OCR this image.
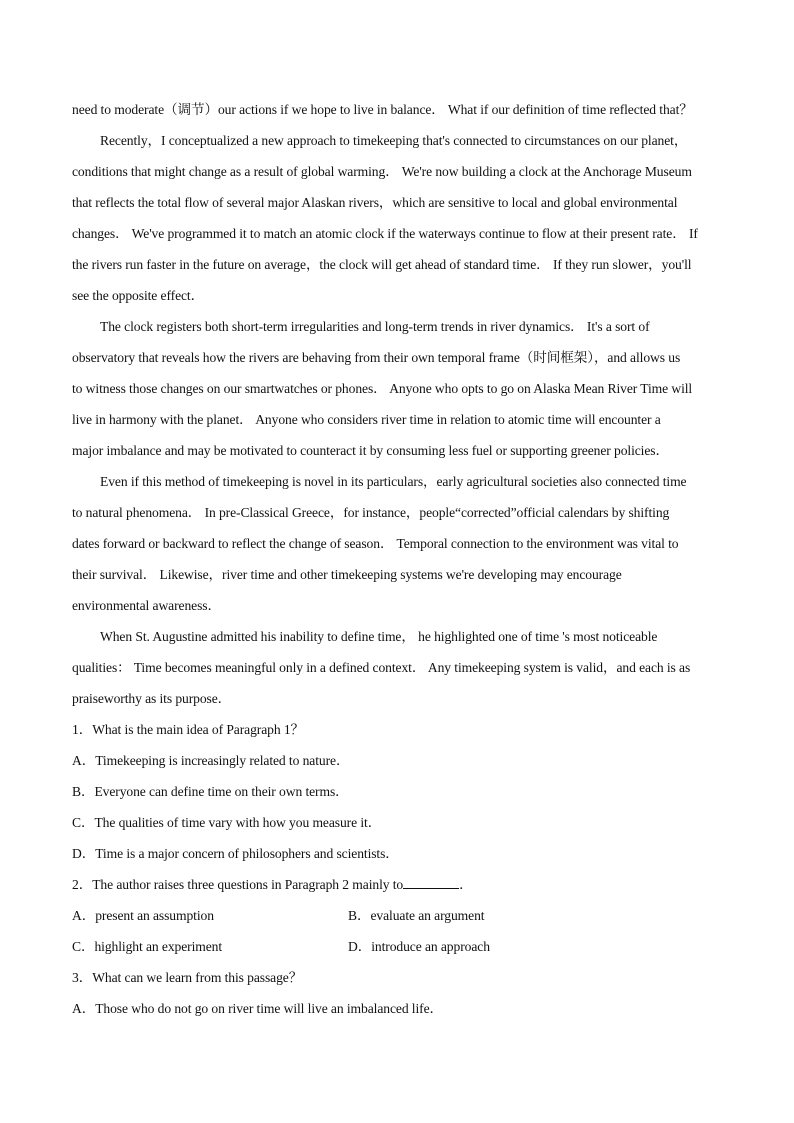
need to moderate（调节）our actions if we hope to live in balance． What if our definition of time reflected that？
Recently，I conceptualized a new approach to timekeeping that's connected to circumstances on our planet，
conditions that might change as a result of global warming． We're now building a clock at the Anchorage Museum
that reflects the total flow of several major Alaskan rivers，which are sensitive to local and global environmental
changes． We've programmed it to match an atomic clock if the waterways continue to flow at their present rate． If
the rivers run faster in the future on average，the clock will get ahead of standard time． If they run slower，you'll
see the opposite effect．
The clock registers both short-term irregularities and long-term trends in river dynamics． It's a sort of
observatory that reveals how the rivers are behaving from their own temporal frame（时间框架），and allows us
to witness those changes on our smartwatches or phones． Anyone who opts to go on Alaska Mean River Time will
live in harmony with the planet． Anyone who considers river time in relation to atomic time will encounter a
major imbalance and may be motivated to counteract it by consuming less fuel or supporting greener policies．
Even if this method of timekeeping is novel in its particulars，early agricultural societies also connected time
to natural phenomena． In pre-Classical Greece，for instance，people“corrected”official calendars by shifting
dates forward or backward to reflect the change of season． Temporal connection to the environment was vital to
their survival． Likewise，river time and other timekeeping systems we're developing may encourage
environmental awareness．
When St. Augustine admitted his inability to define time， he highlighted one of time 's most noticeable
qualities： Time becomes meaningful only in a defined context． Any timekeeping system is valid，and each is as
praiseworthy as its purpose．
1．What is the main idea of Paragraph 1？
A．Timekeeping is increasingly related to nature．
B．Everyone can define time on their own terms．
C．The qualities of time vary with how you measure it．
D．Time is a major concern of philosophers and scientists．
2．The author raises three questions in Paragraph 2 mainly to	．
A．present an assumption	B．evaluate an argument
C．highlight an experiment	D．introduce an approach
3．What can we learn from this passage？
A．Those who do not go on river time will live an imbalanced life．
